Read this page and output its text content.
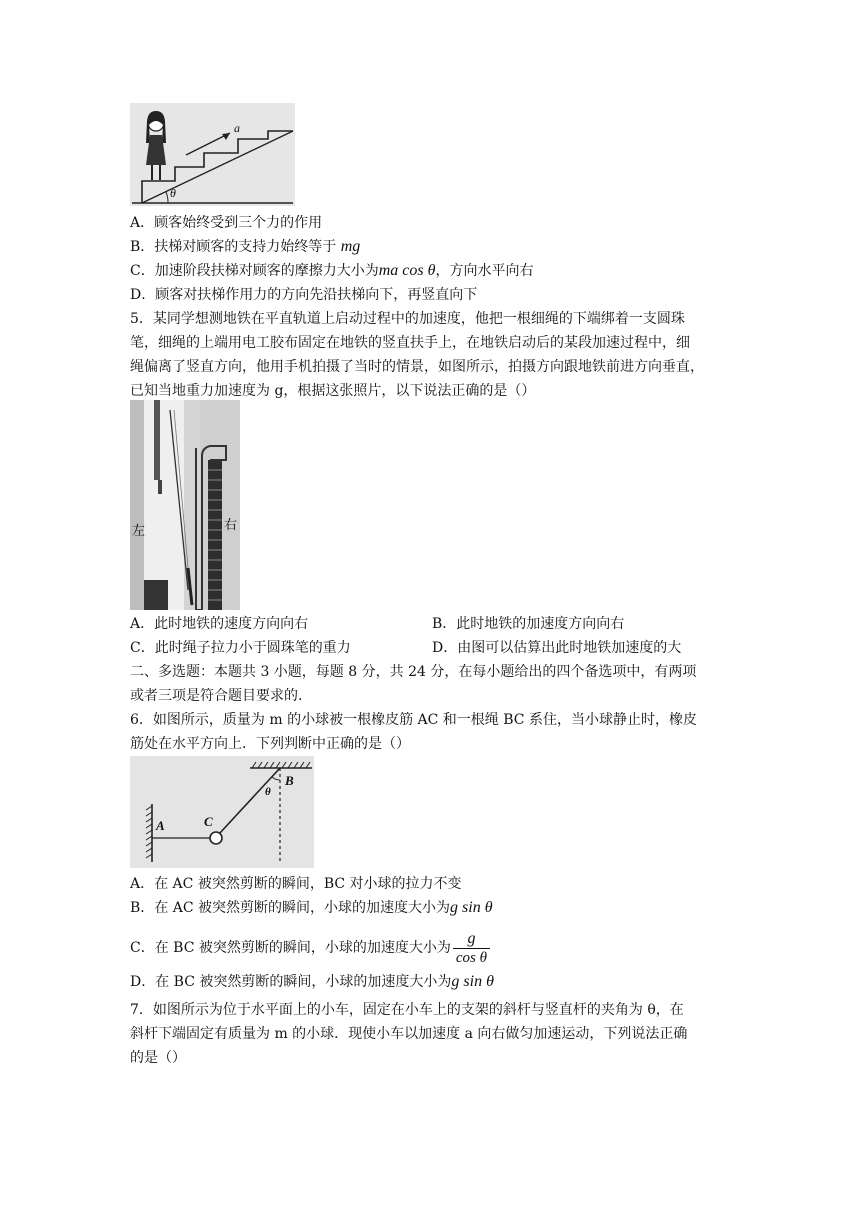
a
θ
A．顾客始终受到三个力的作用
B．扶梯对顾客的支持力始终等于 mg
C．加速阶段扶梯对顾客的摩擦力大小为ma cos θ，方向水平向右
D．顾客对扶梯作用力的方向先沿扶梯向下，再竖直向下
5．某同学想测地铁在平直轨道上启动过程中的加速度，他把一根细绳的下端绑着一支圆珠
笔，细绳的上端用电工胶布固定在地铁的竖直扶手上，在地铁启动后的某段加速过程中，细
绳偏离了竖直方向，他用手机拍摄了当时的情景，如图所示，拍摄方向跟地铁前进方向垂直，
已知当地重力加速度为 g，根据这张照片，以下说法正确的是（）
左	右
A．此时地铁的速度方向向右	B．此时地铁的加速度方向向右
C．此时绳子拉力小于圆珠笔的重力	D．由图可以估算出此时地铁加速度的大
二、多选题：本题共 3 小题，每题 8 分，共 24 分，在每小题给出的四个备选项中，有两项
或者三项是符合题目要求的.
6．如图所示，质量为 m 的小球被一根橡皮筋 AC 和一根绳 BC 系住，当小球静止时，橡皮
筋处在水平方向上．下列判断中正确的是（）
A
B
C
θ
A．在 AC 被突然剪断的瞬间，BC 对小球的拉力不变
B．在 AC 被突然剪断的瞬间，小球的加速度大小为g sin θ
C．在 BC 被突然剪断的瞬间，小球的加速度大小为 $\frac{g}{\text{cos θ}}$
D．在 BC 被突然剪断的瞬间，小球的加速度大小为g sin θ
7．如图所示为位于水平面上的小车，固定在小车上的支架的斜杆与竖直杆的夹角为 θ，在
斜杆下端固定有质量为 m 的小球．现使小车以加速度 a 向右做匀加速运动，下列说法正确
的是（）
